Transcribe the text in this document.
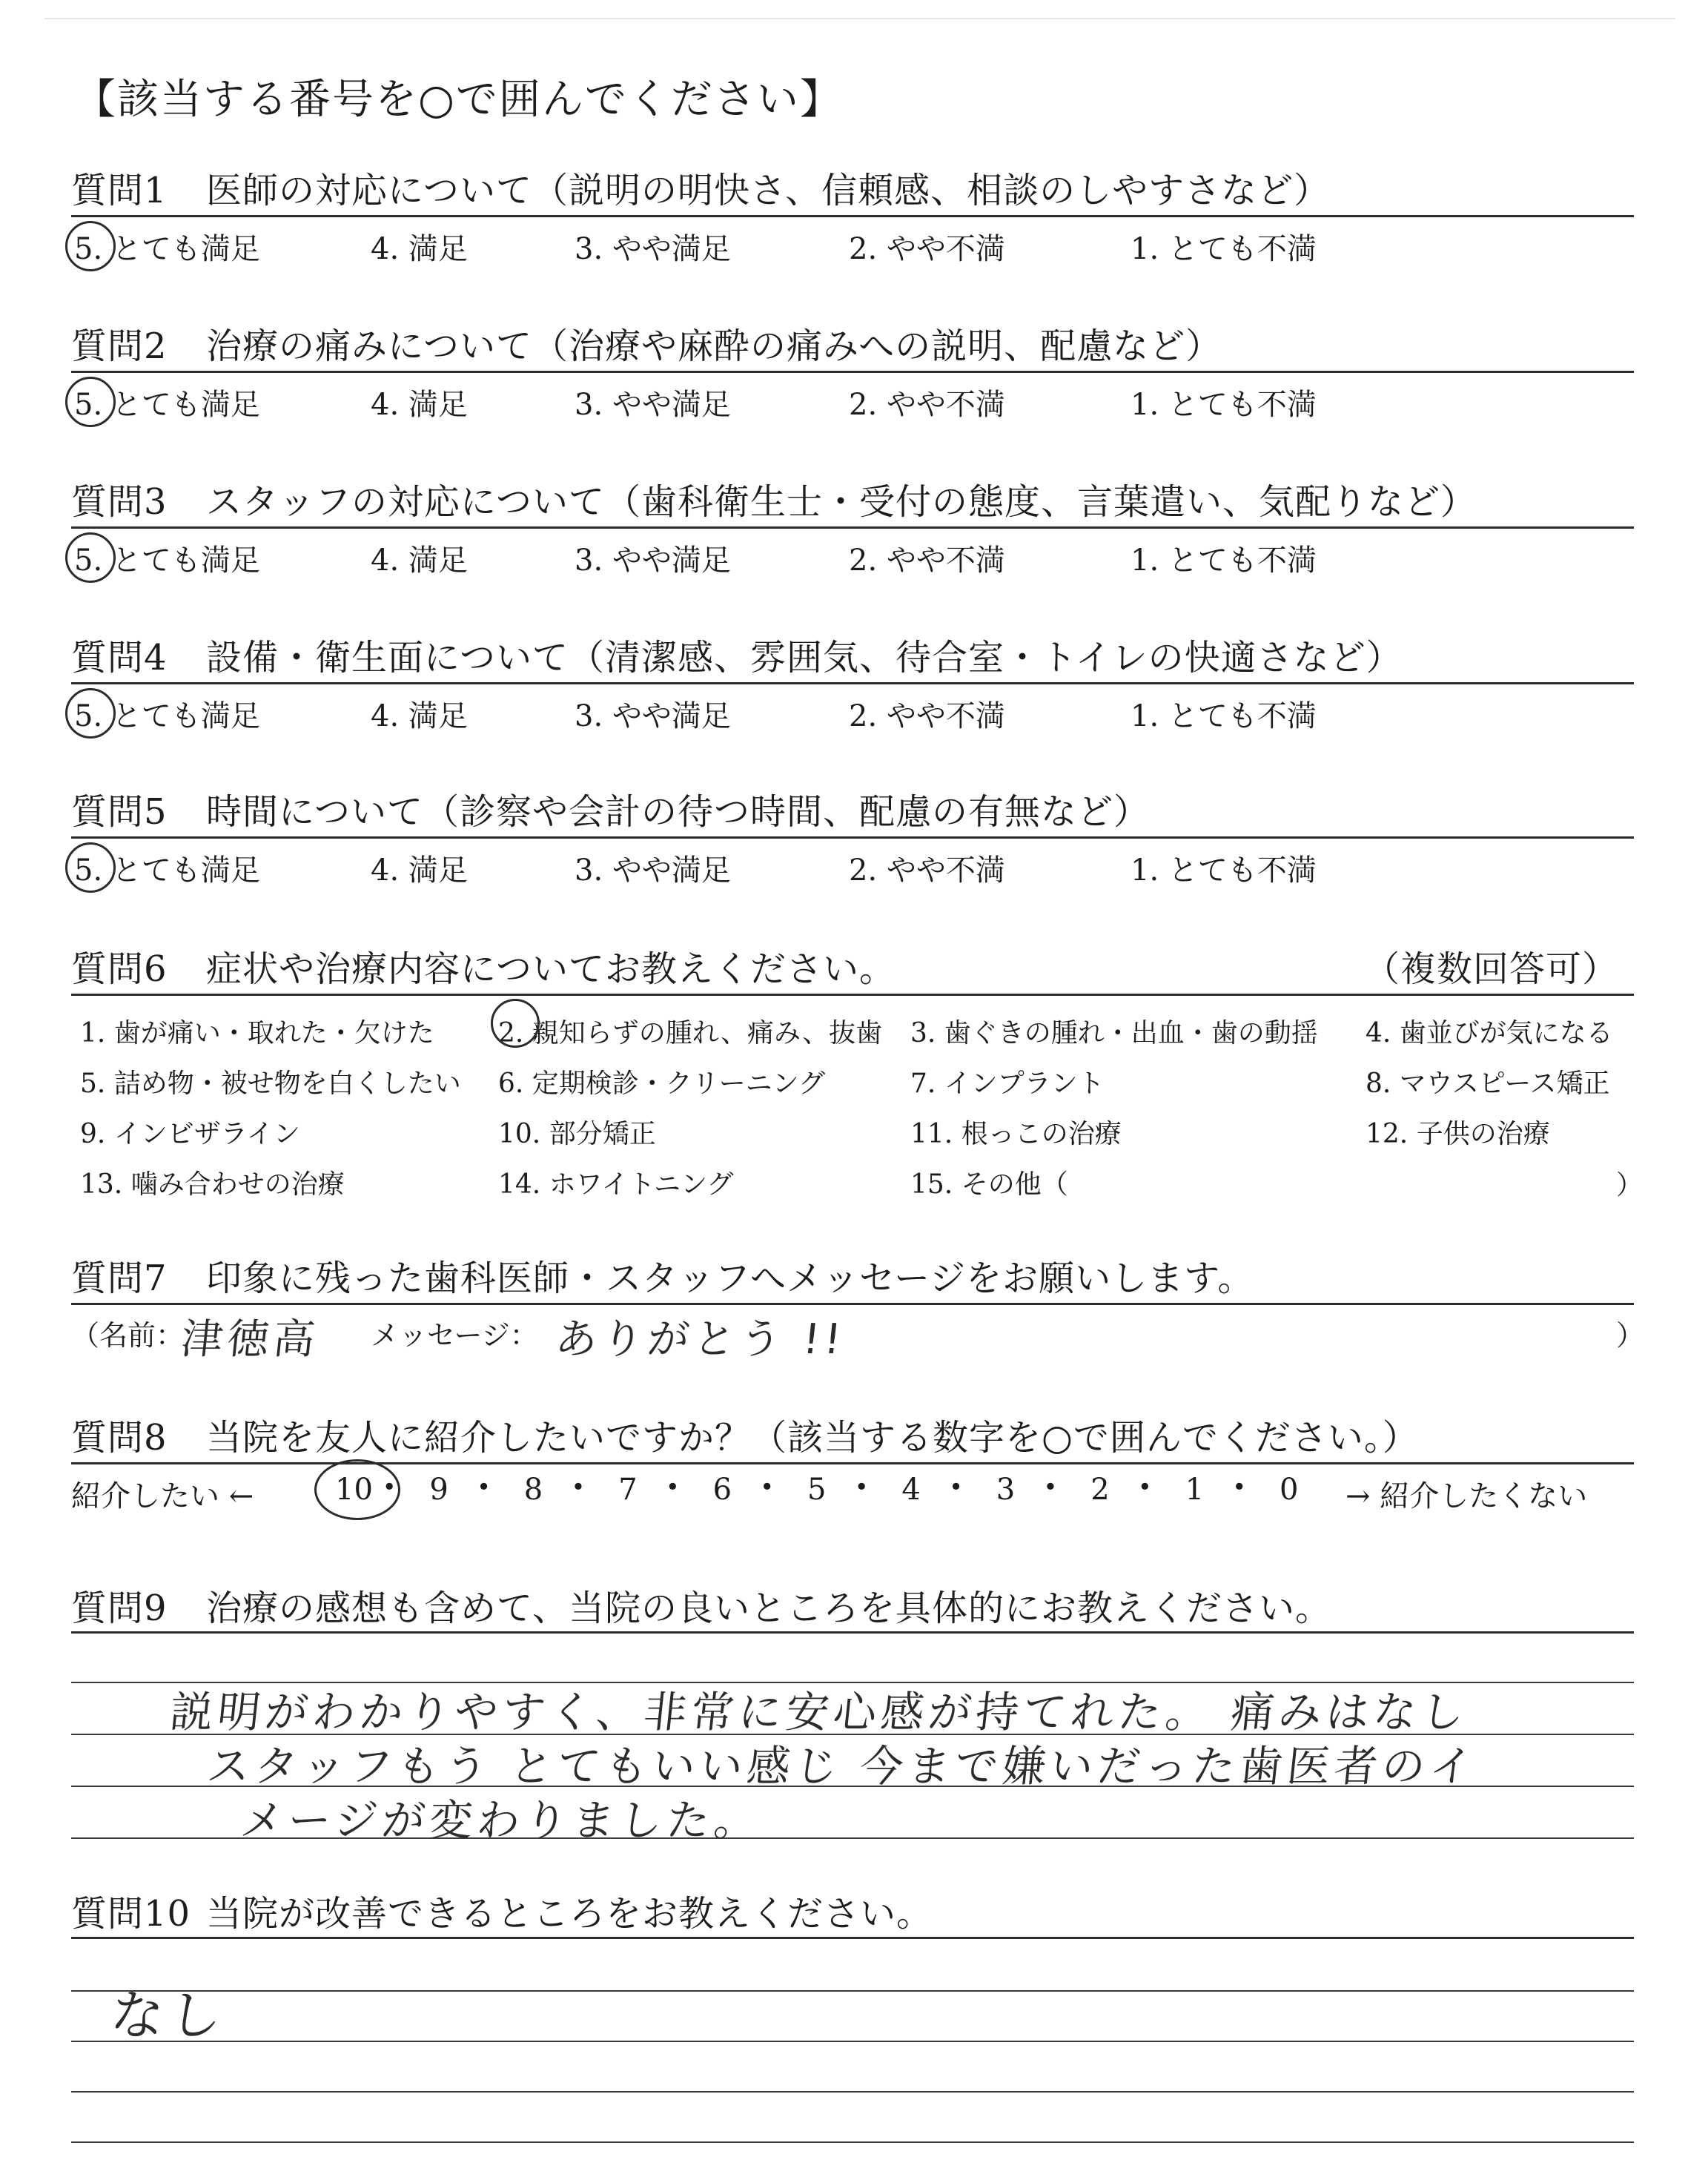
【該当する番号を○で囲んでください】
質問1 医師の対応について（説明の明快さ、信頼感、相談のしやすさなど）
5. とても満足	4. 満足	3. やや満足	2. やや不満	1. とても不満
質問2 治療の痛みについて（治療や麻酔の痛みへの説明、配慮など）
5. とても満足	4. 満足	3. やや満足	2. やや不満	1. とても不満
質問3 スタッフの対応について（歯科衛生士・受付の態度、言葉遣い、気配りなど）
5. とても満足	4. 満足	3. やや満足	2. やや不満	1. とても不満
質問4 設備・衛生面について（清潔感、雰囲気、待合室・トイレの快適さなど）
5. とても満足	4. 満足	3. やや満足	2. やや不満	1. とても不満
質問5 時間について（診察や会計の待つ時間、配慮の有無など）
5. とても満足	4. 満足	3. やや満足	2. やや不満	1. とても不満
質問6 症状や治療内容についてお教えください。	（複数回答可）
1. 歯が痛い・取れた・欠けた 2. 親知らずの腫れ、痛み、抜歯 3. 歯ぐきの腫れ・出血・歯の動揺 4. 歯並びが気になる
5. 詰め物・被せ物を白くしたい 6. 定期検診・クリーニング	7. インプラント	8. マウスピース矯正
9. インビザライン	10. 部分矯正	11. 根っこの治療	12. 子供の治療
13. 噛み合わせの治療	14. ホワイトニング	15. その他（	）
質問7 印象に残った歯科医師・スタッフへメッセージをお願いします。
（名前：
津徳高 メッセージ： ありがとう !!	）
質問8 当院を友人に紹介したいですか？（該当する数字を○で囲んでください。）
紹介したい ←	10 • 9 • 8 • 7 • 6 • 5 • 4 • 3 • 2 • 1 • 0 → 紹介したくない
質問9 治療の感想も含めて、当院の良いところを具体的にお教えください。
説明がわかりやすく、非常に安心感が持てれた。 痛みはなし
スタッフもう とてもいい感じ 今まで嫌いだった歯医者のイ
メージが変わりました。
質問10 当院が改善できるところをお教えください。
なし
